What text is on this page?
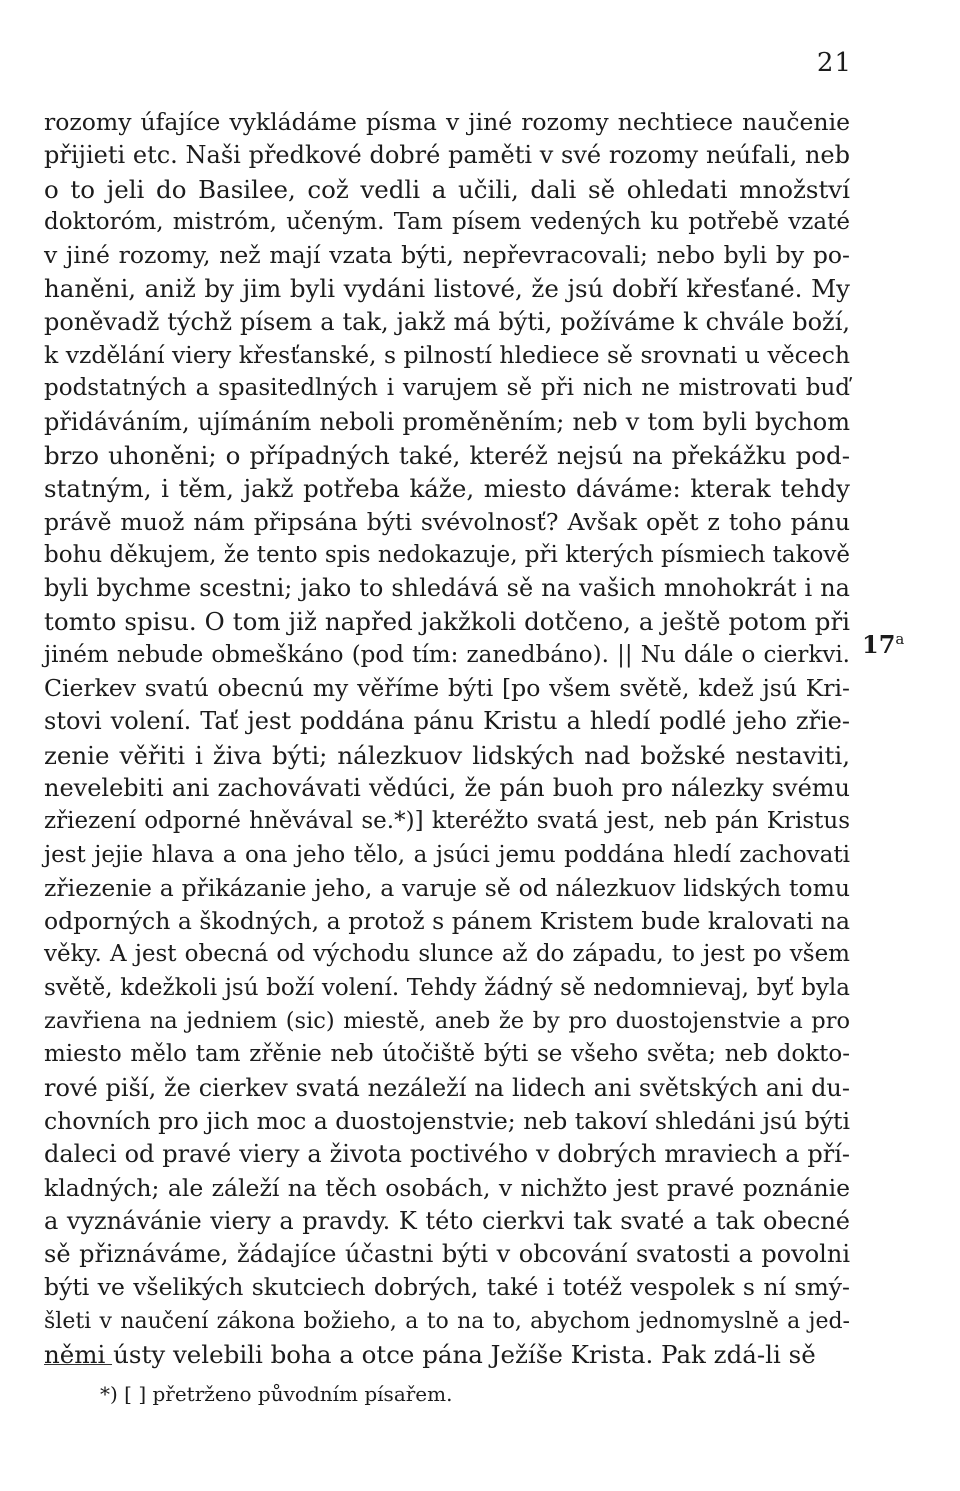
21
rozomy úfajíce vykládáme písma v jiné rozomy nechtiece naučenie
přijieti etc. Naši předkové dobré paměti v své rozomy neúfali, neb
o to jeli do Basilee, což vedli a učili, dali sě ohledati množství
doktoróm, mistróm, učeným. Tam písem vedených ku potřebě vzaté
v jiné rozomy, než mají vzata býti, nepřevracovali; nebo byli by po-
haněni, aniž by jim byli vydáni listové, že jsú dobří křesťané. My
poněvadž týchž písem a tak, jakž má býti, požíváme k chvále boží,
k vzdělání viery křesťanské, s pilností hlediece sě srovnati u věcech
podstatných a spasitedlných i varujem sě při nich ne mistrovati buď
přidáváním, ujímáním neboli proměněním; neb v tom byli bychom
brzo uhoněni; o případných také, kteréž nejsú na překážku pod-
statným, i těm, jakž potřeba káže, miesto dáváme: kterak tehdy
právě muož nám připsána býti svévolnosť? Avšak opět z toho pánu
bohu děkujem, že tento spis nedokazuje, při kterých písmiech takově
byli bychme scestni; jako to shledává sě na vašich mnohokrát i na
tomto spisu. O tom již napřed jakžkoli dotčeno, a ještě potom při
jiném nebude obmeškáno (pod tím: zanedbáno). || Nu dále o cierkvi.
Cierkev svatú obecnú my věříme býti [po všem světě, kdež jsú Kri-
stovi volení. Tať jest poddána pánu Kristu a hledí podlé jeho zřie-
zenie věřiti i živa býti; nálezkuov lidských nad božské nestaviti,
nevelebiti ani zachovávati vědúci, že pán buoh pro nálezky svému
zřiezení odporné hněvával se.*)] kteréžto svatá jest, neb pán Kristus
jest jejie hlava a ona jeho tělo, a jsúci jemu poddána hledí zachovati
zřiezenie a přikázanie jeho, a varuje sě od nálezkuov lidských tomu
odporných a škodných, a protož s pánem Kristem bude kralovati na
věky. A jest obecná od východu slunce až do západu, to jest po všem
světě, kdežkoli jsú boží volení. Tehdy žádný sě nedomnievaj, byť byla
zavřiena na jedniem (sic) miestě, aneb že by pro duostojenstvie a pro
miesto mělo tam zřěnie neb útočiště býti se všeho světa; neb dokto-
rové piší, že cierkev svatá nezáleží na lidech ani světských ani du-
chovních pro jich moc a duostojenstvie; neb takoví shledáni jsú býti
daleci od pravé viery a života poctivého v dobrých mraviech a pří-
kladných; ale záleží na těch osobách, v nichžto jest pravé poznánie
a vyznávánie viery a pravdy. K této cierkvi tak svaté a tak obecné
sě přiznáváme, žádajíce účastni býti v obcování svatosti a povolni
býti ve všelikých skutciech dobrých, také i totéž vespolek s ní smý-
šleti v naučení zákona božieho, a to na to, abychom jednomyslně a jed-
němi ústy velebili boha a otce pána Ježíše Krista. Pak zdá-li sě
17$^a$
*) [ ] přetrženo původním písařem.
